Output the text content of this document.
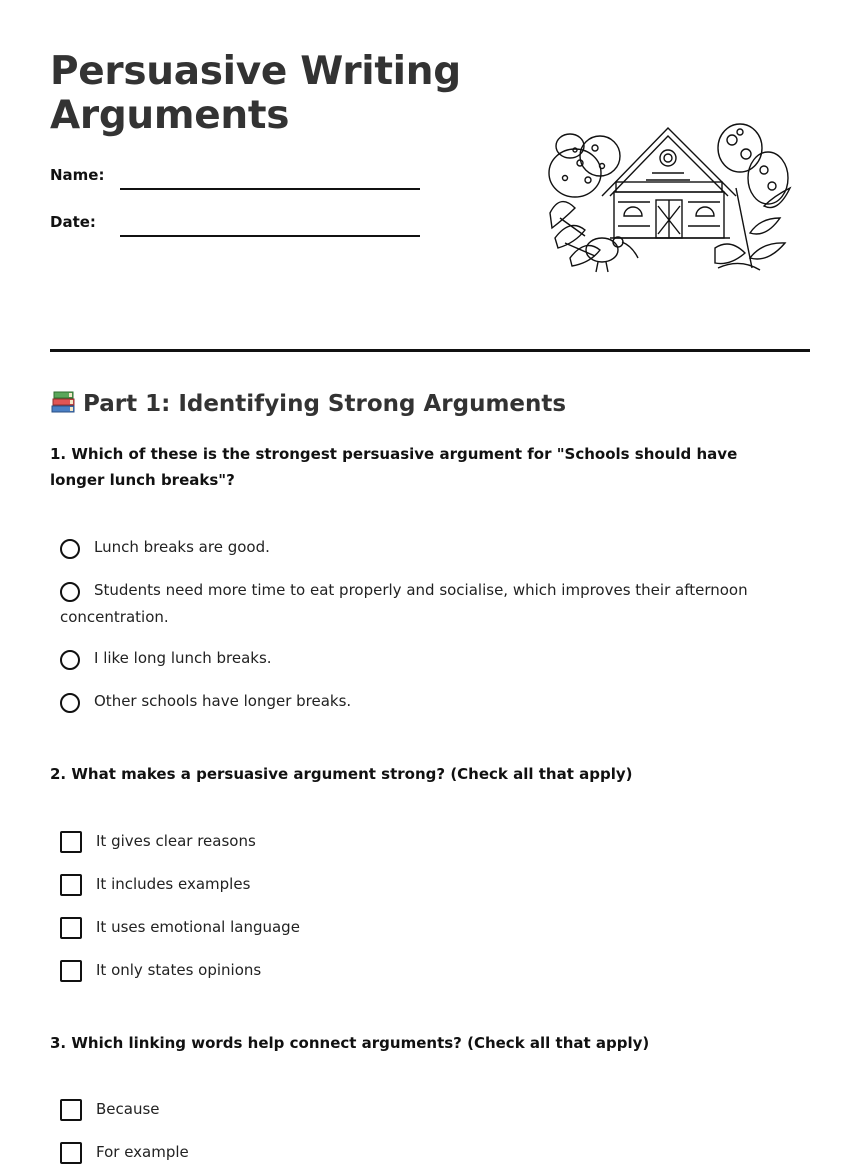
Persuasive Writing
Arguments
Name:
Date:
Part 1: Identifying Strong Arguments

1. Which of these is the strongest persuasive argument for "Schools should have longer lunch breaks"?

Lunch breaks are good.
Students need more time to eat properly and socialise, which improves their afternoon concentration.
I like long lunch breaks.
Other schools have longer breaks.

2. What makes a persuasive argument strong? (Check all that apply)

It gives clear reasons
It includes examples
It uses emotional language
It only states opinions

3. Which linking words help connect arguments? (Check all that apply)

Because
For example
